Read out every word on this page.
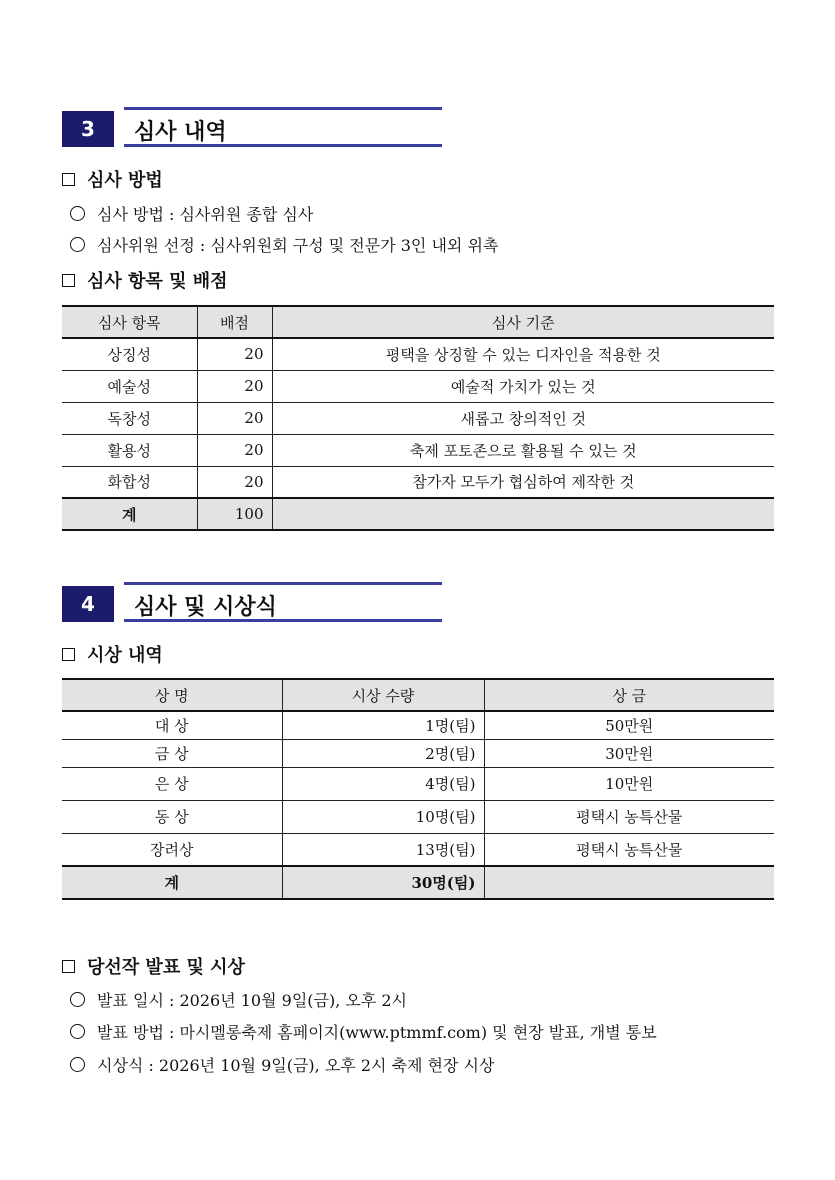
3	심사 내역
심사 방법
심사 방법 : 심사위원 종합 심사
심사위원 선정 : 심사위원회 구성 및 전문가 3인 내외 위촉
심사 항목 및 배점
심사 항목	배점	심사 기준
상징성	20	평택을 상징할 수 있는 디자인을 적용한 것
예술성	20	예술적 가치가 있는 것
독창성	20	새롭고 창의적인 것
활용성	20	축제 포토존으로 활용될 수 있는 것
화합성	20	참가자 모두가 협심하여 제작한 것
계	100	
4	심사 및 시상식
시상 내역
상 명	시상 수량	상 금
대 상	1명(팀)	50만원
금 상	2명(팀)	30만원
은 상	4명(팀)	10만원
동 상	10명(팀)	평택시 농특산물
장려상	13명(팀)	평택시 농특산물
계	30명(팀)	
당선작 발표 및 시상
발표 일시 : 2026년 10월 9일(금), 오후 2시
발표 방법 : 마시멜롱축제 홈페이지(www.ptmmf.com) 및 현장 발표, 개별 통보
시상식 : 2026년 10월 9일(금), 오후 2시 축제 현장 시상
